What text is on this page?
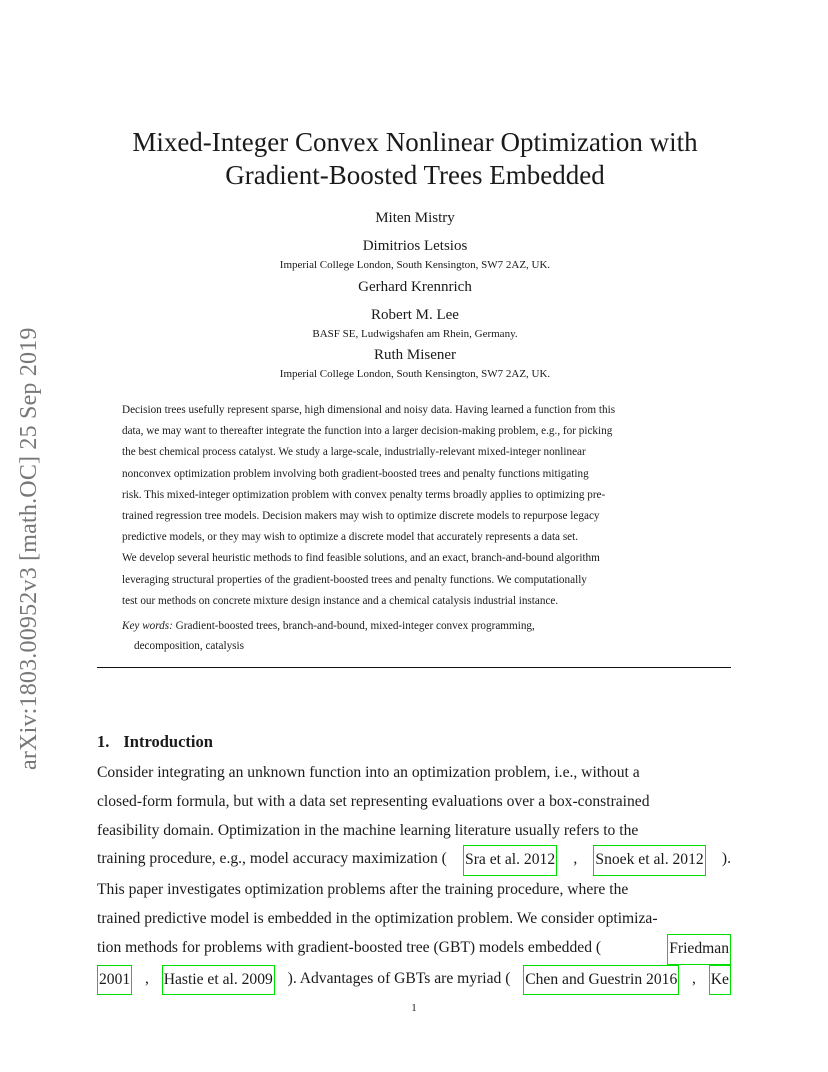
arXiv:1803.00952v3 [math.OC] 25 Sep 2019
Mixed-Integer Convex Nonlinear Optimization with
Gradient-Boosted Trees Embedded
Miten Mistry
Dimitrios Letsios
Imperial College London, South Kensington, SW7 2AZ, UK.
Gerhard Krennrich
Robert M. Lee
BASF SE, Ludwigshafen am Rhein, Germany.
Ruth Misener
Imperial College London, South Kensington, SW7 2AZ, UK.
Decision trees usefully represent sparse, high dimensional and noisy data. Having learned a function from this
data, we may want to thereafter integrate the function into a larger decision-making problem, e.g., for picking
the best chemical process catalyst. We study a large-scale, industrially-relevant mixed-integer nonlinear
nonconvex optimization problem involving both gradient-boosted trees and penalty functions mitigating
risk. This mixed-integer optimization problem with convex penalty terms broadly applies to optimizing pre-
trained regression tree models. Decision makers may wish to optimize discrete models to repurpose legacy
predictive models, or they may wish to optimize a discrete model that accurately represents a data set.
We develop several heuristic methods to find feasible solutions, and an exact, branch-and-bound algorithm
leveraging structural properties of the gradient-boosted trees and penalty functions. We computationally
test our methods on concrete mixture design instance and a chemical catalysis industrial instance.
Key words: Gradient-boosted trees, branch-and-bound, mixed-integer convex programming,
decomposition, catalysis
1. Introduction
Consider integrating an unknown function into an optimization problem, i.e., without a
closed-form formula, but with a data set representing evaluations over a box-constrained
feasibility domain. Optimization in the machine learning literature usually refers to the
training procedure, e.g., model accuracy maximization ( Sra et al. 2012 , Snoek et al. 2012 ).
This paper investigates optimization problems after the training procedure, where the
trained predictive model is embedded in the optimization problem. We consider optimiza-
tion methods for problems with gradient-boosted tree (GBT) models embedded (	Friedman
2001 , Hastie et al. 2009 ). Advantages of GBTs are myriad ( Chen and Guestrin 2016 , Ke
1
